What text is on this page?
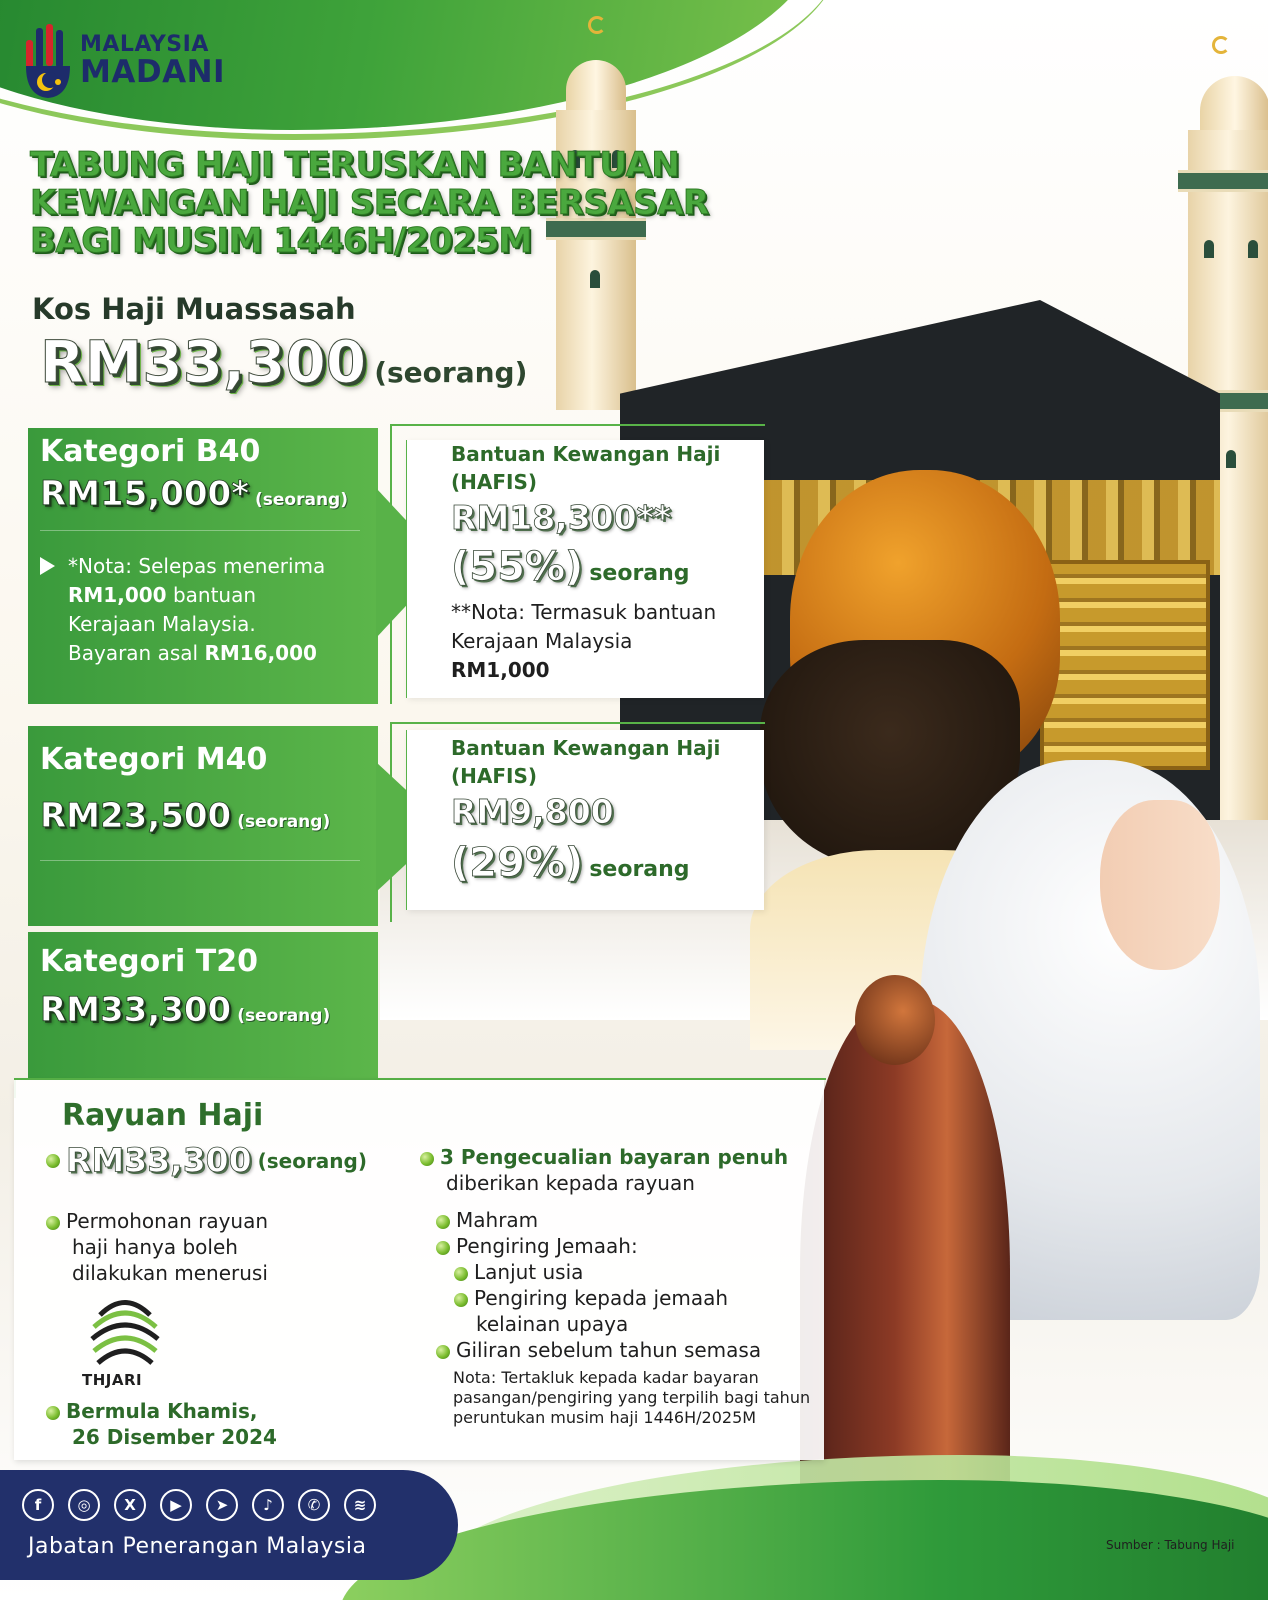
MALAYSIA
MADANI
TABUNG HAJI TERUSKAN BANTUAN
KEWANGAN HAJI SECARA BERSASAR
BAGI MUSIM 1446H/2025M
Kos Haji Muassasah
RM33,300 (seorang)
Kategori B40
RM15,000* (seorang)
*Nota: Selepas menerima
RM1,000 bantuan
Kerajaan Malaysia.
Bayaran asal RM16,000
Bantuan Kewangan Haji
(HAFIS)
RM18,300**
(55%) seorang
**Nota: Termasuk bantuan
Kerajaan Malaysia
RM1,000
Kategori M40
RM23,500 (seorang)
Bantuan Kewangan Haji
(HAFIS)
RM9,800
(29%) seorang
Kategori T20
RM33,300 (seorang)
Rayuan Haji
RM33,300 (seorang)
Permohonan rayuan
haji hanya boleh
dilakukan menerusi
THJARI
Bermula Khamis,
26 Disember 2024
3 Pengecualian bayaran penuh
diberikan kepada rayuan
Mahram
Pengiring Jemaah:
Lanjut usia
Pengiring kepada jemaah
kelainan upaya
Giliran sebelum tahun semasa
Nota: Tertakluk kepada kadar bayaran pasangan/pengiring yang terpilih bagi tahun peruntukan musim haji 1446H/2025M
f	◎	X	▶	➤	♪	✆	≋
Jabatan Penerangan Malaysia	Sumber : Tabung Haji
